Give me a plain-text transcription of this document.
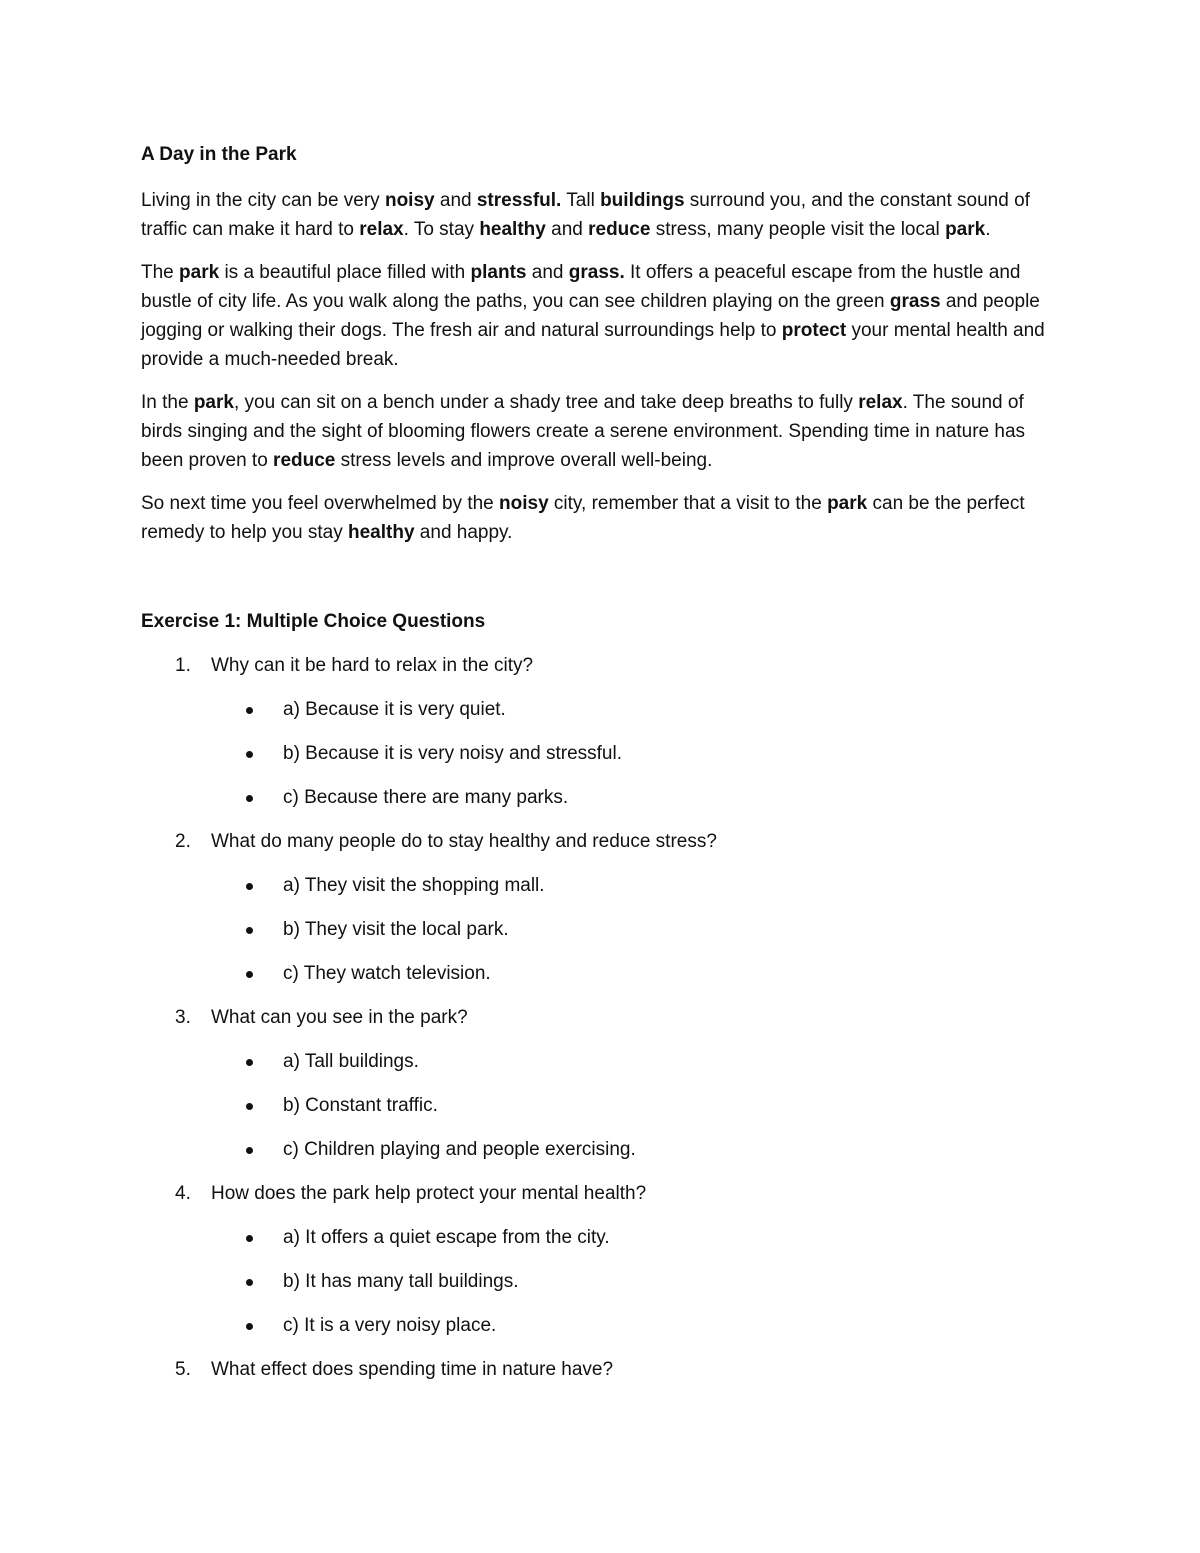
A Day in the Park

Living in the city can be very noisy and stressful. Tall buildings surround you, and the constant sound of traffic can make it hard to relax. To stay healthy and reduce stress, many people visit the local park.

The park is a beautiful place filled with plants and grass. It offers a peaceful escape from the hustle and bustle of city life. As you walk along the paths, you can see children playing on the green grass and people jogging or walking their dogs. The fresh air and natural surroundings help to protect your mental health and provide a much-needed break.

In the park, you can sit on a bench under a shady tree and take deep breaths to fully relax. The sound of birds singing and the sight of blooming flowers create a serene environment. Spending time in nature has been proven to reduce stress levels and improve overall well-being.

So next time you feel overwhelmed by the noisy city, remember that a visit to the park can be the perfect remedy to help you stay healthy and happy.

Exercise 1: Multiple Choice Questions
1. Why can it be hard to relax in the city?
a) Because it is very quiet.
b) Because it is very noisy and stressful.
c) Because there are many parks.
2. What do many people do to stay healthy and reduce stress?
a) They visit the shopping mall.
b) They visit the local park.
c) They watch television.
3. What can you see in the park?
a) Tall buildings.
b) Constant traffic.
c) Children playing and people exercising.
4. How does the park help protect your mental health?
a) It offers a quiet escape from the city.
b) It has many tall buildings.
c) It is a very noisy place.
5. What effect does spending time in nature have?
